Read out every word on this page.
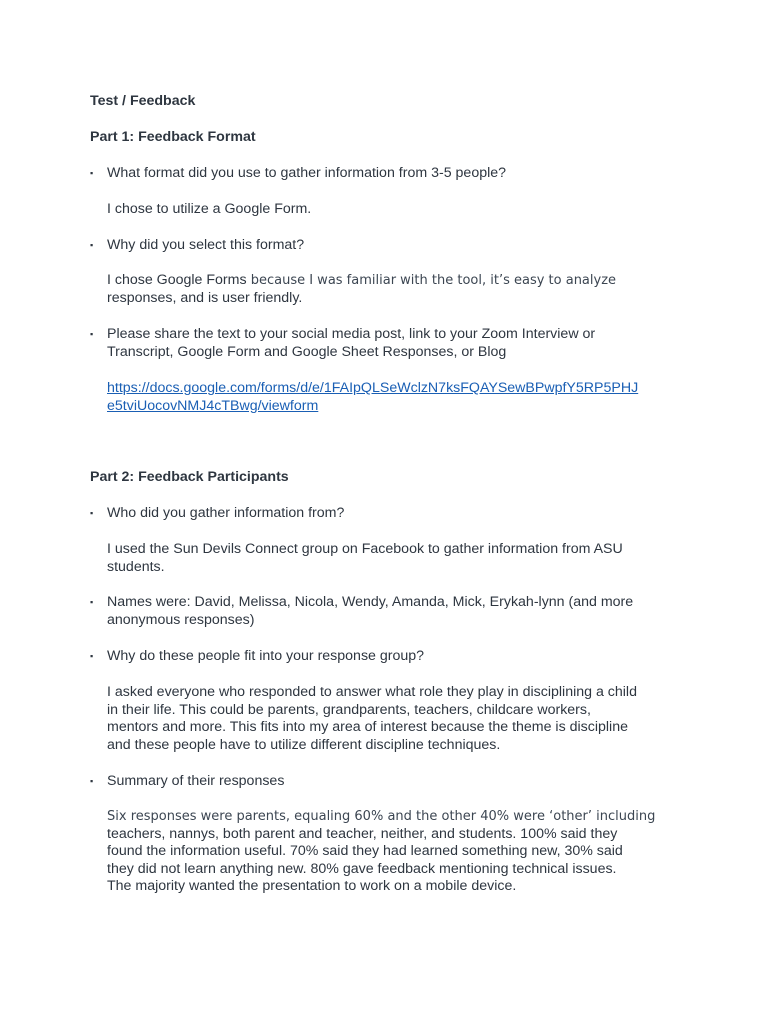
Test / Feedback
Part 1: Feedback Format
▪ What format did you use to gather information from 3-5 people?
I chose to utilize a Google Form.
▪ Why did you select this format?
I chose Google Forms because I was familiar with the tool, it’s easy to analyze
responses, and is user friendly.
▪ Please share the text to your social media post, link to your Zoom Interview or
Transcript, Google Form and Google Sheet Responses, or Blog
https://docs.google.com/forms/d/e/1FAIpQLSeWclzN7ksFQAYSewBPwpfY5RP5PHJ
e5tviUocovNMJ4cTBwg/viewform
Part 2: Feedback Participants
▪ Who did you gather information from?
I used the Sun Devils Connect group on Facebook to gather information from ASU
students.
▪ Names were: David, Melissa, Nicola, Wendy, Amanda, Mick, Erykah-lynn (and more
anonymous responses)
▪ Why do these people fit into your response group?
I asked everyone who responded to answer what role they play in disciplining a child
in their life. This could be parents, grandparents, teachers, childcare workers,
mentors and more. This fits into my area of interest because the theme is discipline
and these people have to utilize different discipline techniques.
▪ Summary of their responses
Six responses were parents, equaling 60% and the other 40% were ‘other’ including
teachers, nannys, both parent and teacher, neither, and students. 100% said they
found the information useful. 70% said they had learned something new, 30% said
they did not learn anything new. 80% gave feedback mentioning technical issues.
The majority wanted the presentation to work on a mobile device.
